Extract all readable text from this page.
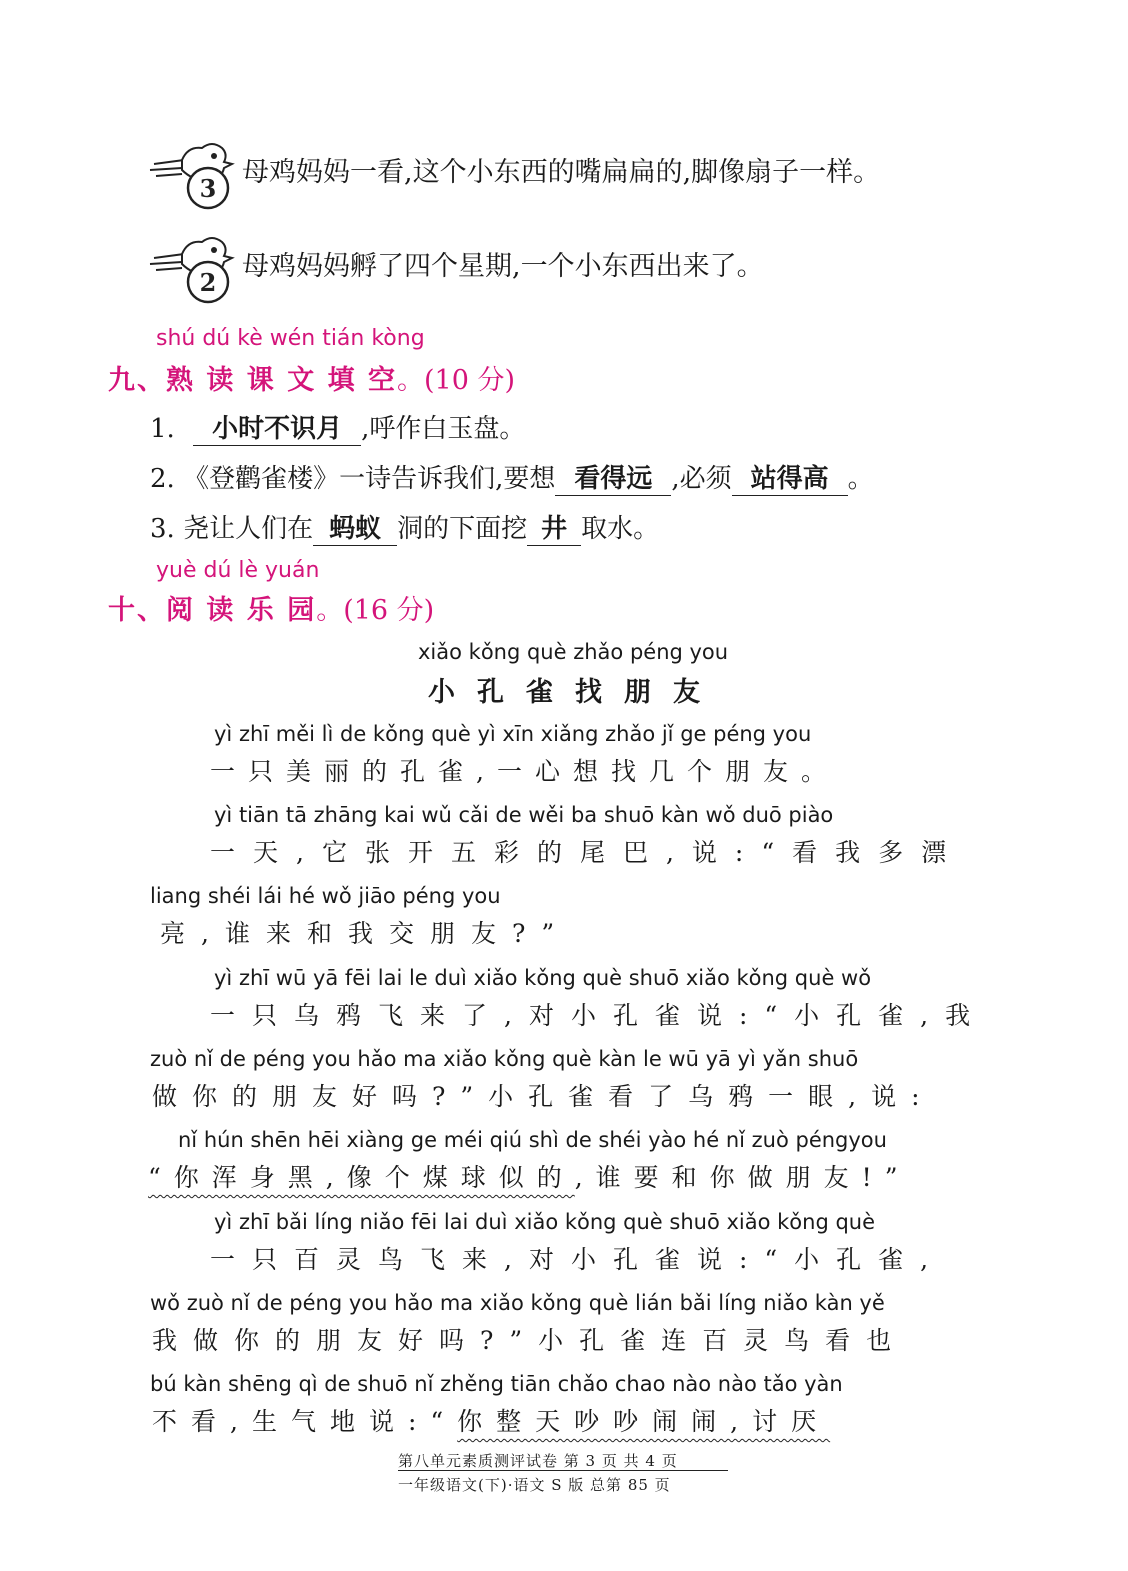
3
母鸡妈妈一看,这个小东西的嘴扁扁的,脚像扇子一样。
2
母鸡妈妈孵了四个星期,一个小东西出来了。
shú dú kè wén tián kòng
九、熟 读 课 文 填 空。(10 分)
1. 小时不识月 ,呼作白玉盘。
2. 《登鹳雀楼》一诗告诉我们,要想 看得远 ,必须 站得高 。
3. 尧让人们在 蚂蚁 洞的下面挖 井 取水。
yuè dú lè yuán
十、阅 读 乐 园。(16 分)
xiǎo kǒng què zhǎo péng you
小孔雀找朋友
yì zhī měi lì de kǒng què yì xīn xiǎng zhǎo jǐ ge péng you
一只美丽的孔雀,一心想找几个朋友。
yì tiān tā zhāng kai wǔ cǎi de wěi ba shuō kàn wǒ duō piào
一天,它张开五彩的尾巴,说:“看我多漂
liang shéi lái hé wǒ jiāo péng you
亮,谁来和我交朋友?”
yì zhī wū yā fēi lai le duì xiǎo kǒng què shuō xiǎo kǒng què wǒ
一只乌鸦飞来了,对小孔雀说:“小孔雀,我
zuò nǐ de péng you hǎo ma xiǎo kǒng què kàn le wū yā yì yǎn shuō
做你的朋友好吗?”小孔雀看了乌鸦一眼,说:
nǐ hún shēn hēi xiàng ge méi qiú shì de shéi yào hé nǐ zuò péngyou
“你浑身黑,像个煤球似的,谁要和你做朋友!”
yì zhī bǎi líng niǎo fēi lai duì xiǎo kǒng què shuō xiǎo kǒng què
一只百灵鸟飞来,对小孔雀说:“小孔雀,
wǒ zuò nǐ de péng you hǎo ma xiǎo kǒng què lián bǎi líng niǎo kàn yě
我做你的朋友好吗?”小孔雀连百灵鸟看也
bú kàn shēng qì de shuō nǐ zhěng tiān chǎo chao nào nào tǎo yàn
不看,生气地说:“你整天吵吵闹闹,讨厌
第八单元素质测评试卷 第 3 页 共 4 页
一年级语文(下)·语文 S 版 总第 85 页
